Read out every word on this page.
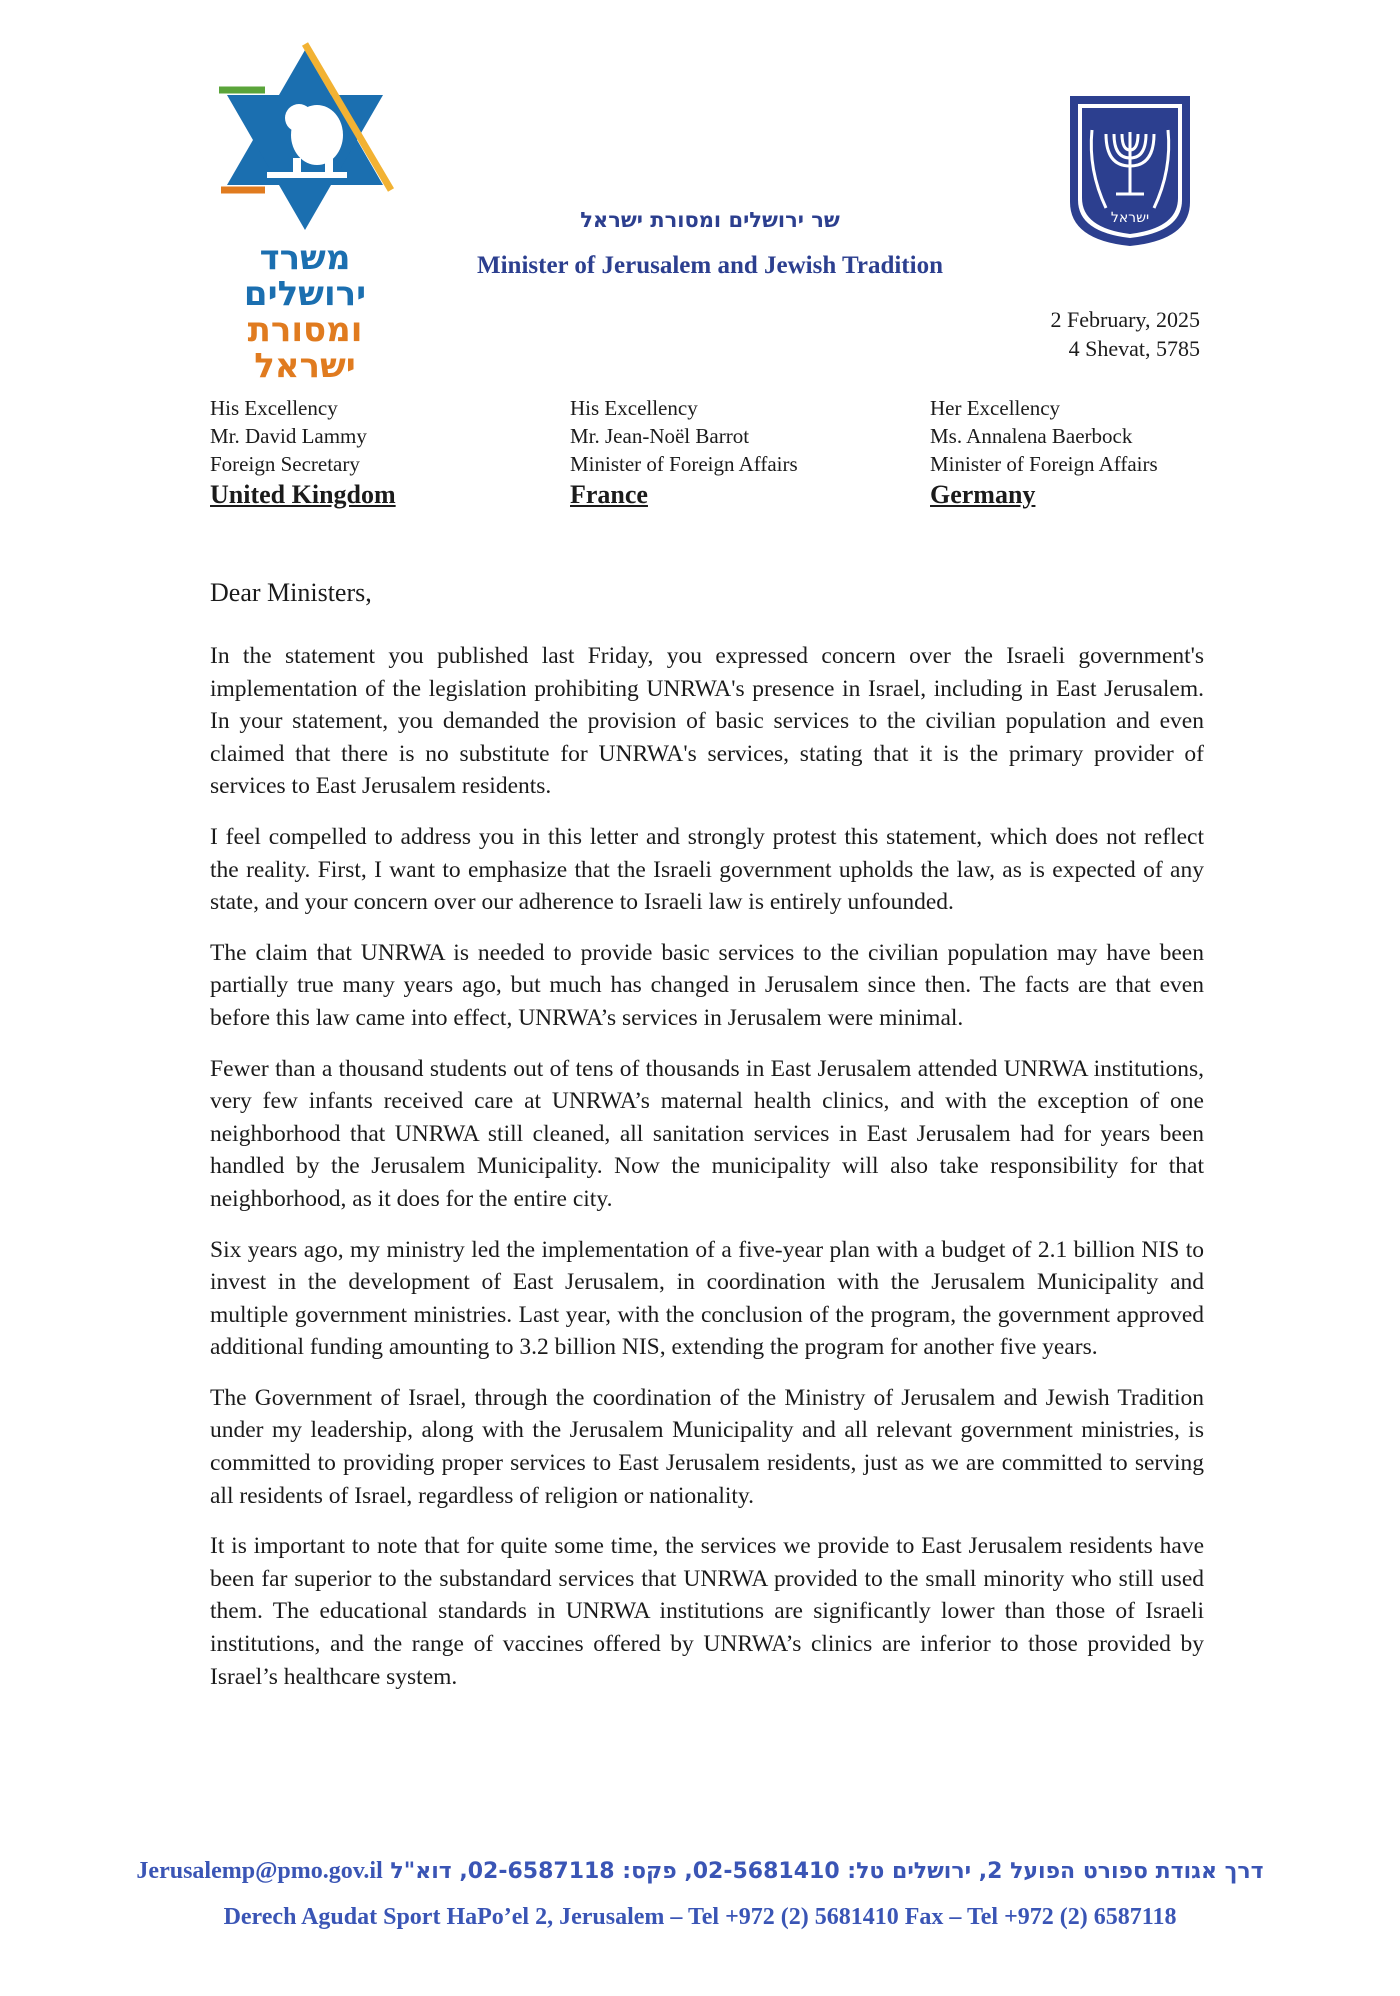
משרד ירושלים
ומסורת ישראל
ישראל
שר ירושלים ומסורת ישראל
Minister of Jerusalem and Jewish Tradition
2 February, 2025
4 Shevat, 5785
His Excellency
Mr. David Lammy
Foreign Secretary
United Kingdom
His Excellency
Mr. Jean-Noël Barrot
Minister of Foreign Affairs
France
Her Excellency
Ms. Annalena Baerbock
Minister of Foreign Affairs
Germany
Dear Ministers,

In the statement you published last Friday, you expressed concern over the Israeli government's implementation of the legislation prohibiting UNRWA's presence in Israel, including in East Jerusalem. In your statement, you demanded the provision of basic services to the civilian population and even claimed that there is no substitute for UNRWA's services, stating that it is the primary provider of services to East Jerusalem residents.

I feel compelled to address you in this letter and strongly protest this statement, which does not reflect the reality. First, I want to emphasize that the Israeli government upholds the law, as is expected of any state, and your concern over our adherence to Israeli law is entirely unfounded.

The claim that UNRWA is needed to provide basic services to the civilian population may have been partially true many years ago, but much has changed in Jerusalem since then. The facts are that even before this law came into effect, UNRWA’s services in Jerusalem were minimal.

Fewer than a thousand students out of tens of thousands in East Jerusalem attended UNRWA institutions, very few infants received care at UNRWA’s maternal health clinics, and with the exception of one neighborhood that UNRWA still cleaned, all sanitation services in East Jerusalem had for years been handled by the Jerusalem Municipality. Now the municipality will also take responsibility for that neighborhood, as it does for the entire city.

Six years ago, my ministry led the implementation of a five-year plan with a budget of 2.1 billion NIS to invest in the development of East Jerusalem, in coordination with the Jerusalem Municipality and multiple government ministries. Last year, with the conclusion of the program, the government approved additional funding amounting to 3.2 billion NIS, extending the program for another five years.

The Government of Israel, through the coordination of the Ministry of Jerusalem and Jewish Tradition under my leadership, along with the Jerusalem Municipality and all relevant government ministries, is committed to providing proper services to East Jerusalem residents, just as we are committed to serving all residents of Israel, regardless of religion or nationality.

It is important to note that for quite some time, the services we provide to East Jerusalem residents have been far superior to the substandard services that UNRWA provided to the small minority who still used them. The educational standards in UNRWA institutions are significantly lower than those of Israeli institutions, and the range of vaccines offered by UNRWA’s clinics are inferior to those provided by Israel’s healthcare system.

Jerusalemp@pmo.gov.il דרך אגודת ספורט הפועל 2, ירושלים טל: 02-5681410, פקס: 02-6587118, דוא"ל
Derech Agudat Sport HaPo’el 2, Jerusalem – Tel +972 (2) 5681410 Fax – Tel +972 (2) 6587118
